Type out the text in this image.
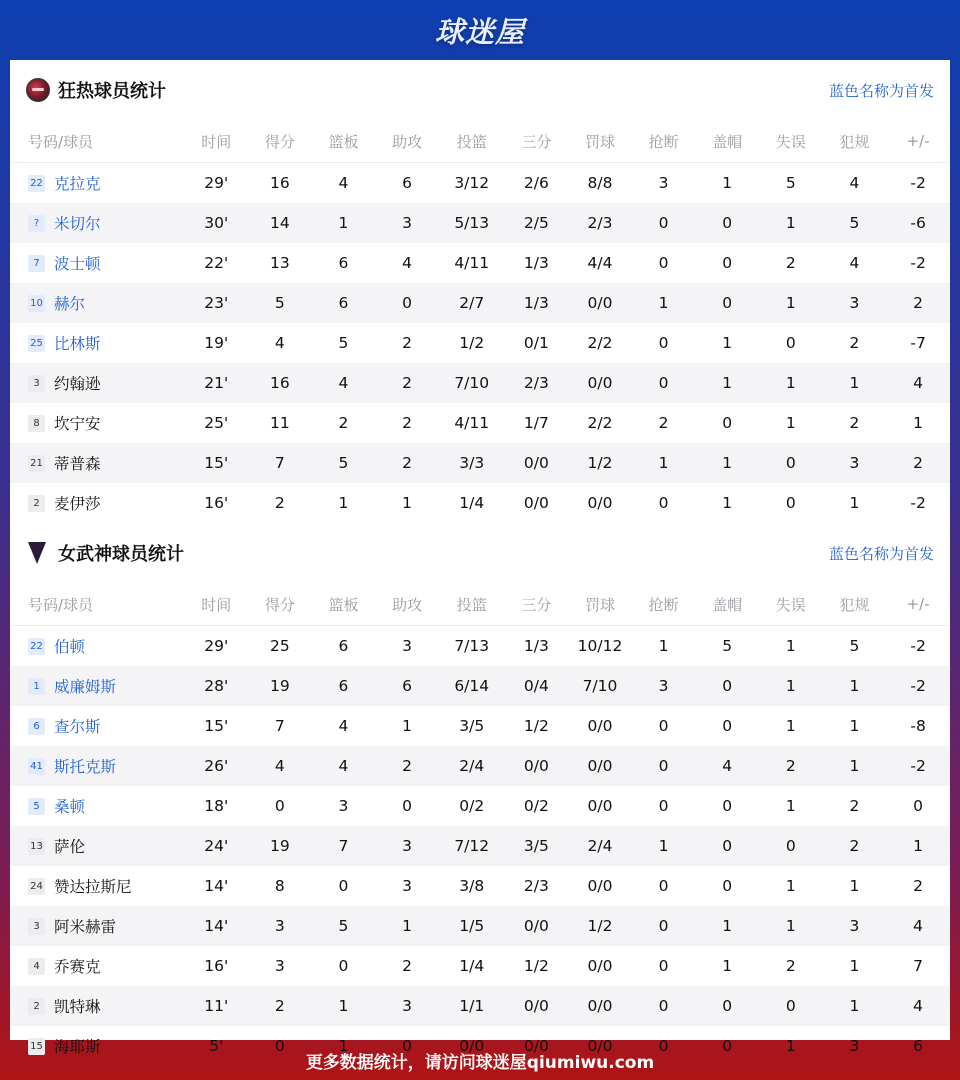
球迷屋
狂热球员统计	蓝色名称为首发
号码/球员	时间	得分	篮板	助攻	投篮	三分	罚球	抢断	盖帽	失误	犯规	+/-
22 克拉克	29'	16	4	6	3/12	2/6	8/8	3	1	5	4	-2
? 米切尔	30'	14	1	3	5/13	2/5	2/3	0	0	1	5	-6
7 波士顿	22'	13	6	4	4/11	1/3	4/4	0	0	2	4	-2
10 赫尔	23'	5	6	0	2/7	1/3	0/0	1	0	1	3	2
25 比林斯	19'	4	5	2	1/2	0/1	2/2	0	1	0	2	-7
3 约翰逊	21'	16	4	2	7/10	2/3	0/0	0	1	1	1	4
8 坎宁安	25'	11	2	2	4/11	1/7	2/2	2	0	1	2	1
21 蒂普森	15'	7	5	2	3/3	0/0	1/2	1	1	0	3	2
2 麦伊莎	16'	2	1	1	1/4	0/0	0/0	0	1	0	1	-2
女武神球员统计	蓝色名称为首发
号码/球员	时间	得分	篮板	助攻	投篮	三分	罚球	抢断	盖帽	失误	犯规	+/-
22 伯顿	29'	25	6	3	7/13	1/3	10/12	1	5	1	5	-2
1 威廉姆斯	28'	19	6	6	6/14	0/4	7/10	3	0	1	1	-2
6 查尔斯	15'	7	4	1	3/5	1/2	0/0	0	0	1	1	-8
41 斯托克斯	26'	4	4	2	2/4	0/0	0/0	0	4	2	1	-2
5 桑顿	18'	0	3	0	0/2	0/2	0/0	0	0	1	2	0
13 萨伦	24'	19	7	3	7/12	3/5	2/4	1	0	0	2	1
24 赞达拉斯尼	14'	8	0	3	3/8	2/3	0/0	0	0	1	1	2
3 阿米赫雷	14'	3	5	1	1/5	0/0	1/2	0	1	1	3	4
4 乔赛克	16'	3	0	2	1/4	1/2	0/0	0	1	2	1	7
2 凯特琳	11'	2	1	3	1/1	0/0	0/0	0	0	0	1	4
15 海耶斯	5'	0	1	0	0/0	0/0	0/0	0	0	1	3	6
更多数据统计，请访问球迷屋qiumiwu.com
